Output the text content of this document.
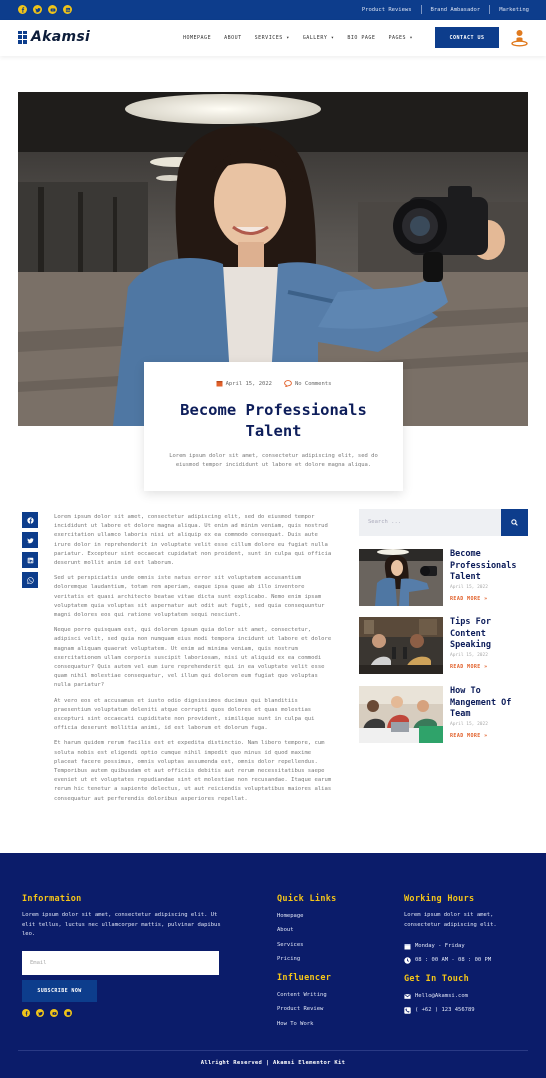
Product Reviews	Brand Ambasador	Marketing
Akamsi	HOMEPAGE	ABOUT	SERVICES ▾	GALLERY ▾	BIO PAGE	PAGES ▾	CONTACT US
April 15, 2022	No Comments
Become Professionals Talent
Lorem ipsum dolor sit amet, consectetur adipiscing elit, sed do eiusmod tempor incididunt ut labore et dolore magna aliqua.

Lorem ipsum dolor sit amet, consectetur adipiscing elit, sed do eiusmod tempor incididunt ut labore et dolore magna aliqua. Ut enim ad minim veniam, quis nostrud exercitation ullamco laboris nisi ut aliquip ex ea commodo consequat. Duis aute irure dolor in reprehenderit in voluptate velit esse cillum dolore eu fugiat nulla pariatur. Excepteur sint occaecat cupidatat non proident, sunt in culpa qui officia deserunt mollit anim id est laborum.

Sed ut perspiciatis unde omnis iste natus error sit voluptatem accusantium doloremque laudantium, totam rem aperiam, eaque ipsa quae ab illo inventore veritatis et quasi architecto beatae vitae dicta sunt explicabo. Nemo enim ipsam voluptatem quia voluptas sit aspernatur aut odit aut fugit, sed quia consequuntur magni dolores eos qui ratione voluptatem sequi nesciunt.

Neque porro quisquam est, qui dolorem ipsum quia dolor sit amet, consectetur, adipisci velit, sed quia non numquam eius modi tempora incidunt ut labore et dolore magnam aliquam quaerat voluptatem. Ut enim ad minima veniam, quis nostrum exercitationem ullam corporis suscipit laboriosam, nisi ut aliquid ex ea commodi consequatur? Quis autem vel eum iure reprehenderit qui in ea voluptate velit esse quam nihil molestiae consequatur, vel illum qui dolorem eum fugiat quo voluptas nulla pariatur?

At vero eos et accusamus et iusto odio dignissimos ducimus qui blanditiis praesentium voluptatum deleniti atque corrupti quos dolores et quas molestias excepturi sint occaecati cupiditate non provident, similique sunt in culpa qui officia deserunt mollitia animi, id est laborum et dolorum fuga.

Et harum quidem rerum facilis est et expedita distinctio. Nam libero tempore, cum soluta nobis est eligendi optio cumque nihil impedit quo minus id quod maxime placeat facere possimus, omnis voluptas assumenda est, omnis dolor repellendus. Temporibus autem quibusdam et aut officiis debitis aut rerum necessitatibus saepe eveniet ut et voluptates repudiandae sint et molestiae non recusandae. Itaque earum rerum hic tenetur a sapiente delectus, ut aut reiciendis voluptatibus maiores alias consequatur aut perferendis doloribus asperiores repellat.

Search ...
Become Professionals Talent
April 15, 2022
READ MORE »
Tips For Content Speaking
April 15, 2022
READ MORE »
How To Mangement Of Team
April 15, 2022
READ MORE »
Information
Lorem ipsum dolor sit amet, consectetur adipiscing elit. Ut elit tellus, luctus nec ullamcorper mattis, pulvinar dapibus leo.
Email
SUBSCRIBE NOW
Quick Links
Homepage
About
Services
Pricing
Influencer
Content Writing
Product Review
How To Work
Working Hours
Lorem ipsum dolor sit amet, consectetur adipiscing elit.
Monday - Friday
08 : 00 AM - 08 : 00 PM
Get In Touch
Hello@Akamsi.com
( +62 ) 123 456789
Allright Reserved | Akamsi Elementor Kit
